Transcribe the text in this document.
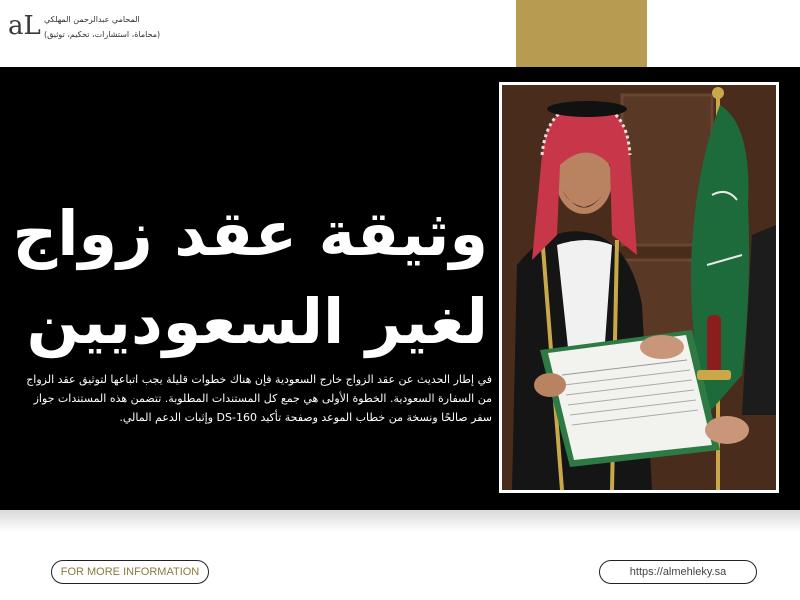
aL المحامي عبدالرحمن المهلكي
(محاماة، استشارات، تحكيم، توثيق)
وثيقة عقد زواج
لغير السعوديين
في إطار الحديث عن عقد الزواج خارج السعودية فإن هناك خطوات قليلة يجب اتباعها لتوثيق عقد الزواج من السفارة السعودية. الخطوة الأولى هي جمع كل المستندات المطلوبة. تتضمن هذه المستندات جواز سفر صالحًا ونسخة من خطاب الموعد وصفحة تأكيد DS-160 وإثبات الدعم المالي.
FOR MORE INFORMATION	https://almehleky.sa
